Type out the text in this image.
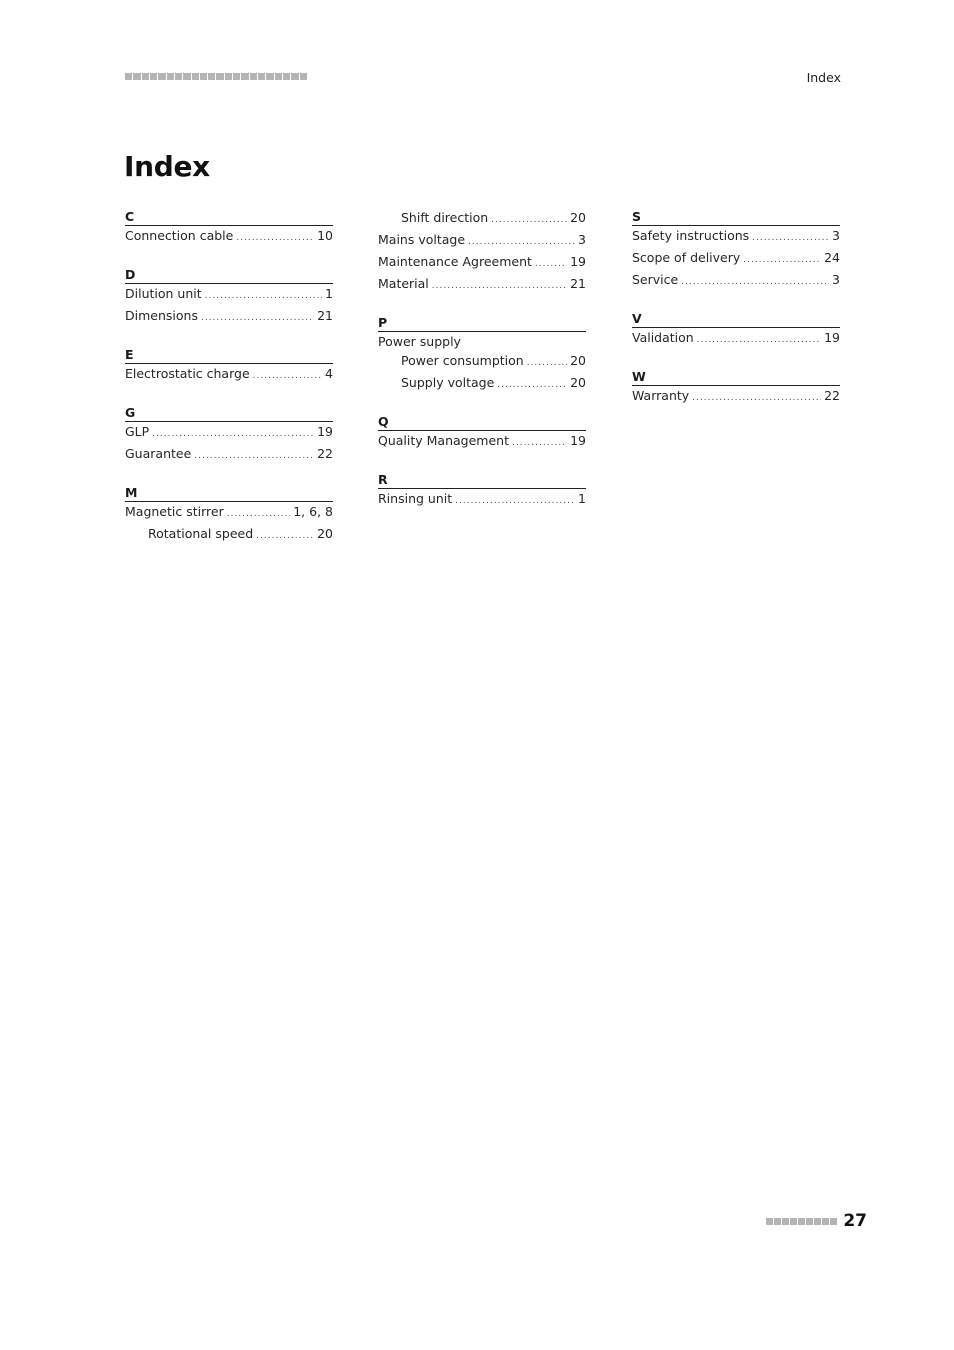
Index
Index
C
Connection cable .....	10
D
Dilution unit .....	1
Dimensions .....	21
E
Electrostatic charge .....	4
G
GLP .....	19
Guarantee .....	22
M
Magnetic stirrer .....	1, 6, 8
Rotational speed .....	20
Shift direction .....	20
Mains voltage .....	3
Maintenance Agreement .....	19
Material .....	21
P
Power supply
Power consumption .....	20
Supply voltage .....	20
Q
Quality Management .....	19
R
Rinsing unit .....	1
S
Safety instructions .....	3
Scope of delivery .....	24
Service .....	3
V
Validation .....	19
W
Warranty .....	22
27
